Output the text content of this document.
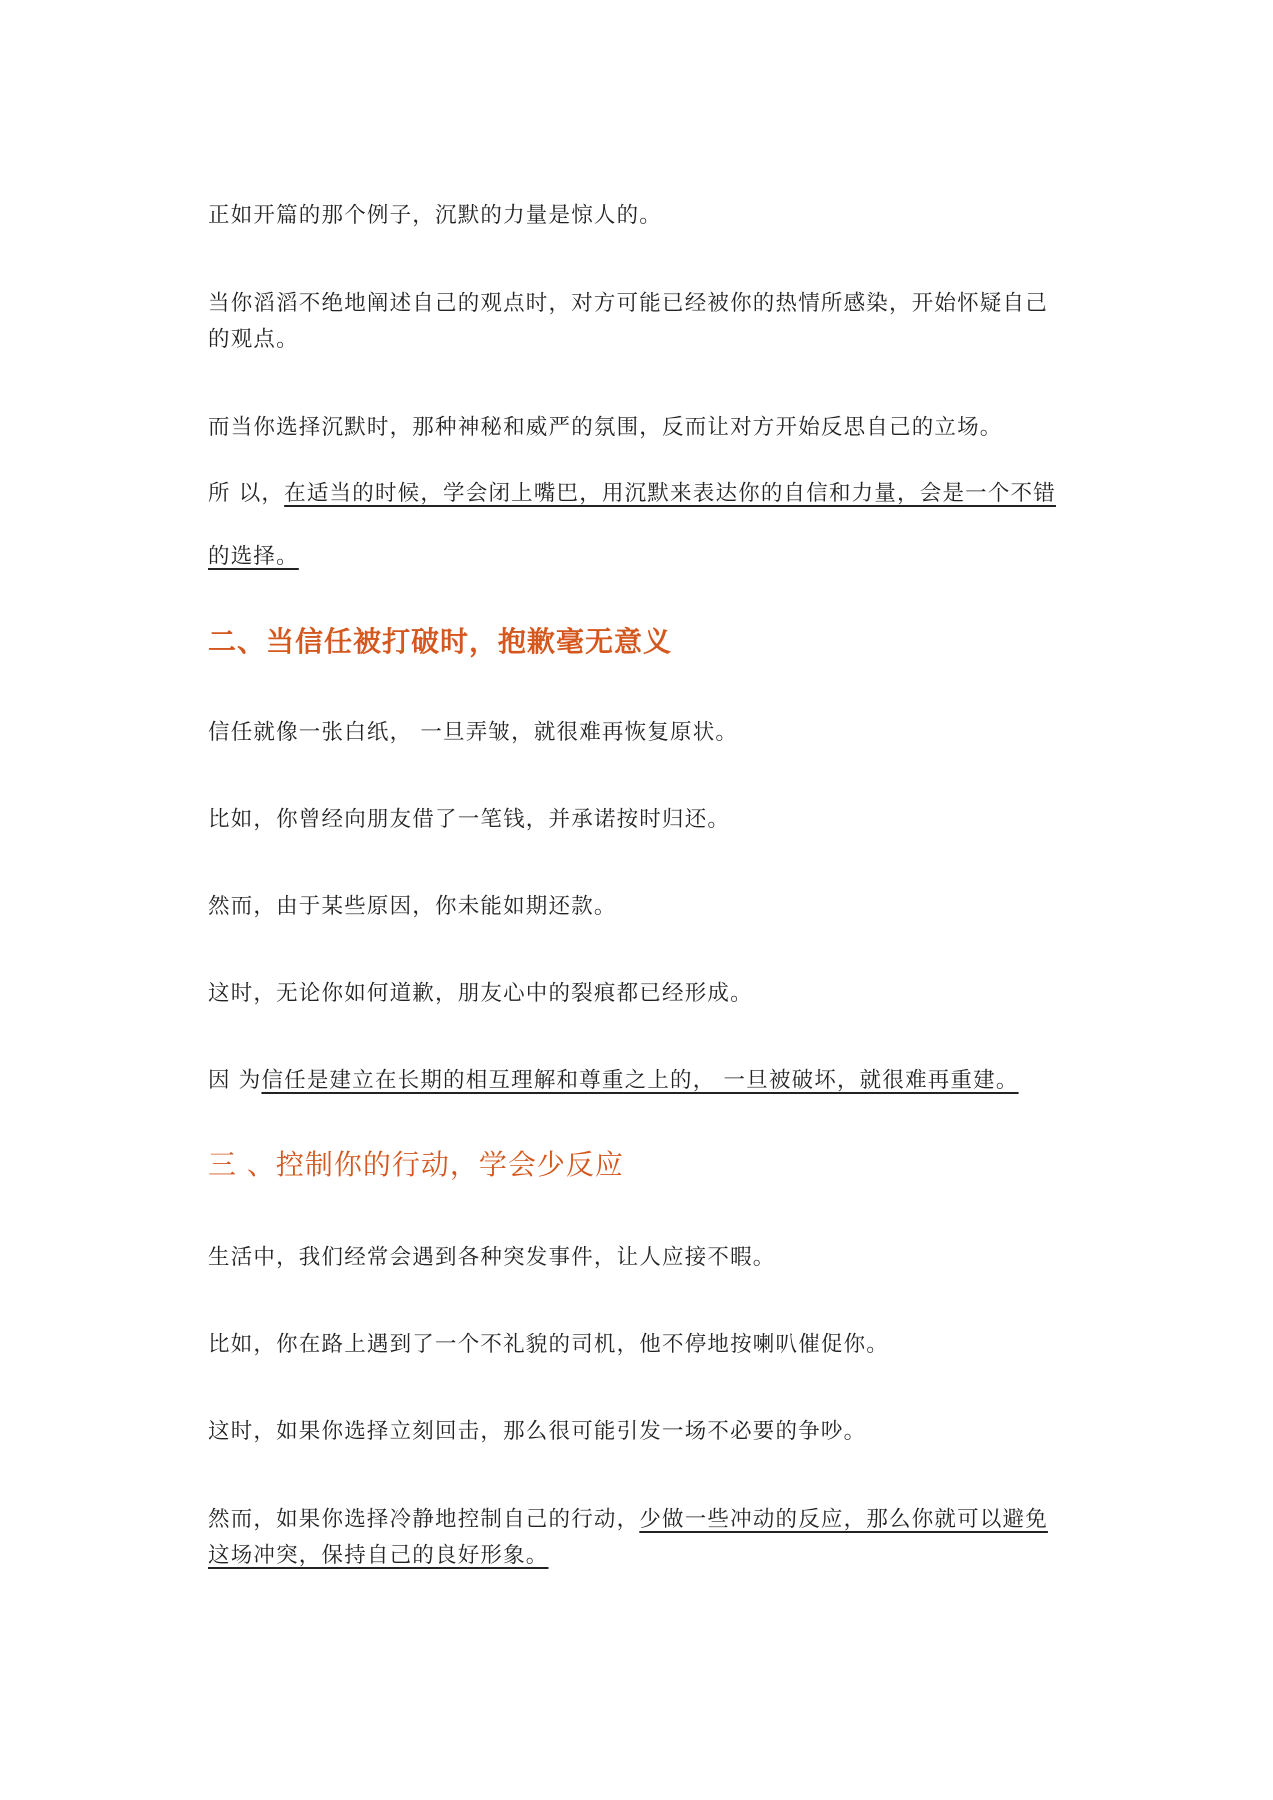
正如开篇的那个例子，沉默的力量是惊人的。

当你滔滔不绝地阐述自己的观点时，对方可能已经被你的热情所感染，开始怀疑自己的观点。

而当你选择沉默时，那种神秘和威严的氛围，反而让对方开始反思自己的立场。

所 以，在适当的时候，学会闭上嘴巴，用沉默来表达你的自信和力量，会是一个不错的选择。

二、当信任被打破时，抱歉毫无意义

信任就像一张白纸， 一旦弄皱，就很难再恢复原状。

比如，你曾经向朋友借了一笔钱，并承诺按时归还。

然而，由于某些原因，你未能如期还款。

这时，无论你如何道歉，朋友心中的裂痕都已经形成。

因 为信任是建立在长期的相互理解和尊重之上的， 一旦被破坏，就很难再重建。

三 、控制你的行动，学会少反应

生活中，我们经常会遇到各种突发事件，让人应接不暇。

比如，你在路上遇到了一个不礼貌的司机，他不停地按喇叭催促你。

这时，如果你选择立刻回击，那么很可能引发一场不必要的争吵。

然而，如果你选择冷静地控制自己的行动，少做一些冲动的反应，那么你就可以避免这场冲突，保持自己的良好形象。
